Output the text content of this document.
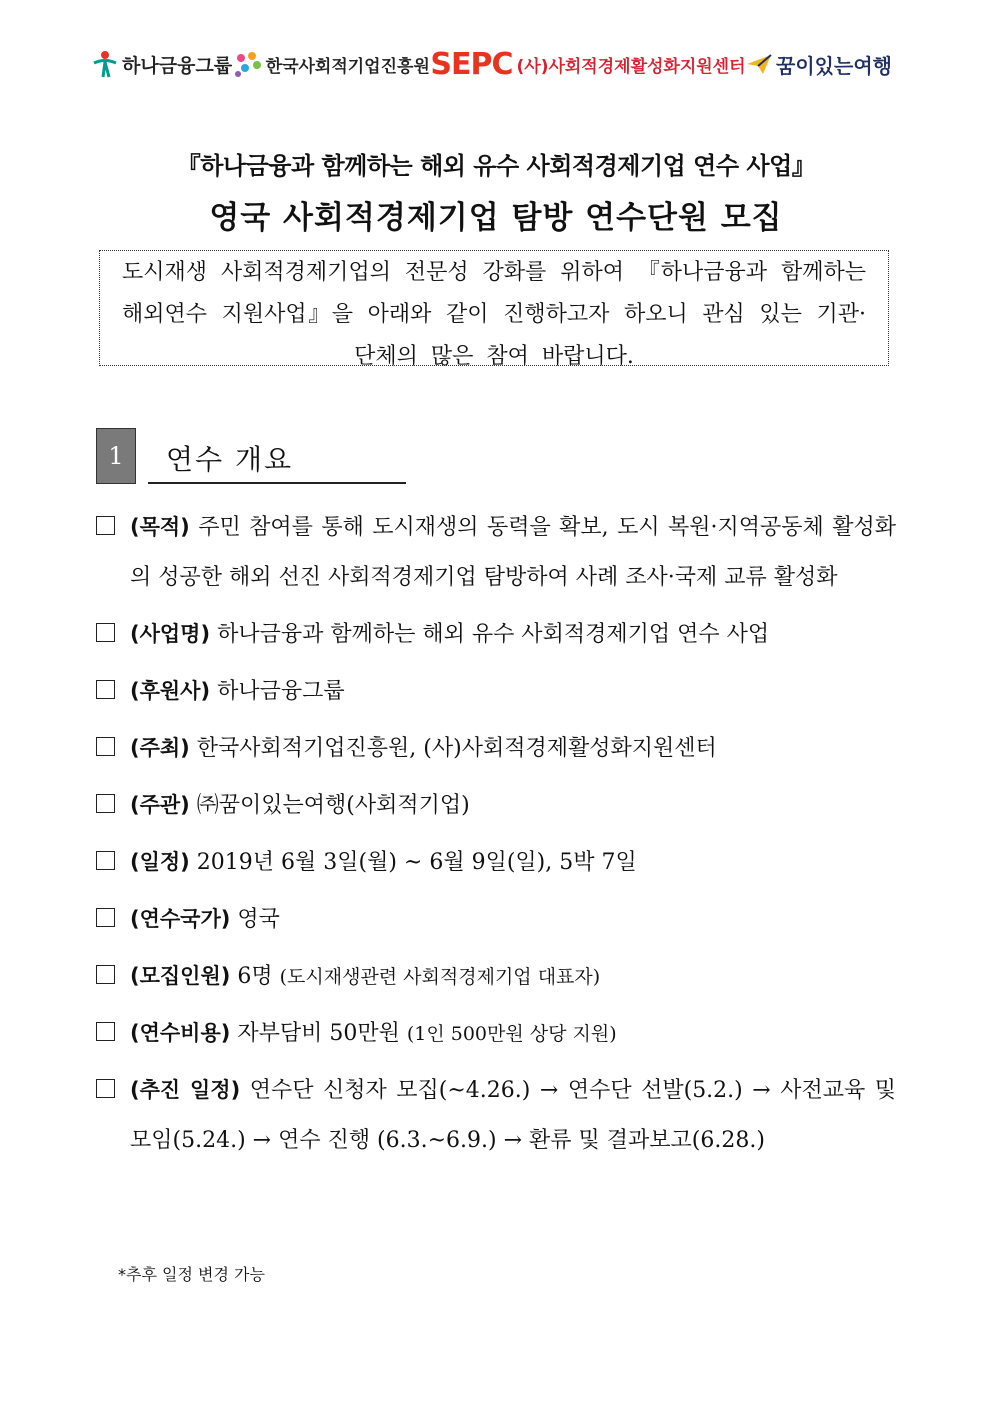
하나금융그룹 한국사회적기업진흥원 SEPC (사)사회적경제활성화지원센터 꿈이있는여행
『하나금융과 함께하는 해외 유수 사회적경제기업 연수 사업』
영국 사회적경제기업 탐방 연수단원 모집
도시재생 사회적경제기업의 전문성 강화를 위하여 『하나금융과 함께하는 해외연수 지원사업』을 아래와 같이 진행하고자 하오니 관심 있는 기관·단체의 많은 참여 바랍니다.
1	연수 개요
(목적) 주민 참여를 통해 도시재생의 동력을 확보, 도시 복원·지역공동체 활성화의 성공한 해외 선진 사회적경제기업 탐방하여 사례 조사·국제 교류 활성화
(사업명) 하나금융과 함께하는 해외 유수 사회적경제기업 연수 사업
(후원사) 하나금융그룹
(주최) 한국사회적기업진흥원, (사)사회적경제활성화지원센터
(주관) ㈜꿈이있는여행(사회적기업)
(일정) 2019년 6월 3일(월) ~ 6월 9일(일), 5박 7일
(연수국가) 영국
(모집인원) 6명 (도시재생관련 사회적경제기업 대표자)
(연수비용) 자부담비 50만원 (1인 500만원 상당 지원)
(추진 일정) 연수단 신청자 모집(~4.26.) → 연수단 선발(5.2.) → 사전교육 및 모임(5.24.) → 연수 진행 (6.3.~6.9.) → 환류 및 결과보고(6.28.)
*추후 일정 변경 가능
